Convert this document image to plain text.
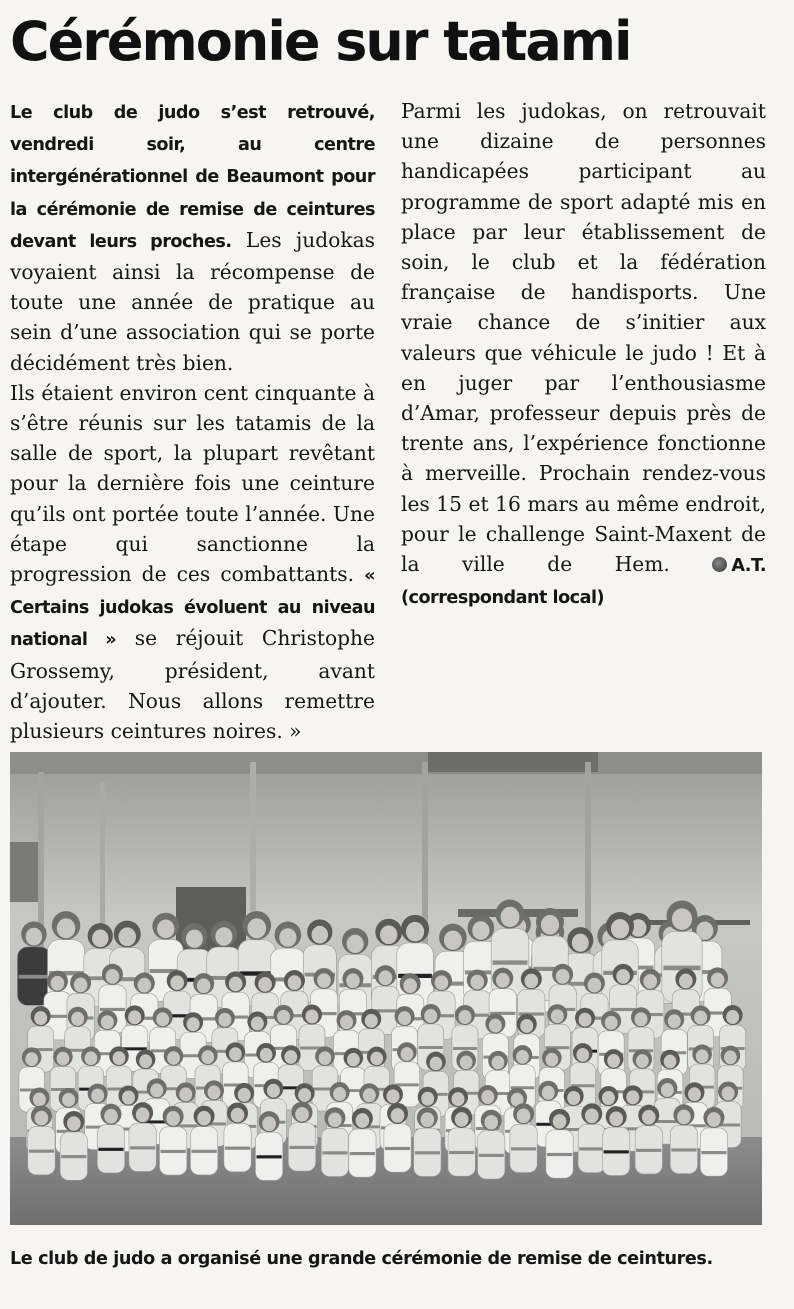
Cérémonie sur tatami

Le club de judo s’est retrouvé, vendredi soir, au centre intergénérationnel de Beaumont pour la cérémonie de remise de ceintures devant leurs proches. Les judokas voyaient ainsi la récompense de toute une année de pratique au sein d’une association qui se porte décidément très bien.

Ils étaient environ cent cinquante à s’être réunis sur les tatamis de la salle de sport, la plupart revêtant pour la dernière fois une ceinture qu’ils ont portée toute l’année. Une étape qui sanctionne la progression de ces combattants. « Certains judokas évoluent au niveau national » se réjouit Christophe Grossemy, président, avant d’ajouter. Nous allons remettre plusieurs ceintures noires. »

Parmi les judokas, on retrouvait une dizaine de personnes handicapées participant au programme de sport adapté mis en place par leur établissement de soin, le club et la fédération française de handisports. Une vraie chance de s’initier aux valeurs que véhicule le judo ! Et à en juger par l’enthousiasme d’Amar, professeur depuis près de trente ans, l’expérience fonctionne à merveille. Prochain rendez-vous les 15 et 16 mars au même endroit, pour le challenge Saint-Maxent de la ville de Hem. A.T. (correspondant local)

Le club de judo a organisé une grande cérémonie de remise de ceintures.
